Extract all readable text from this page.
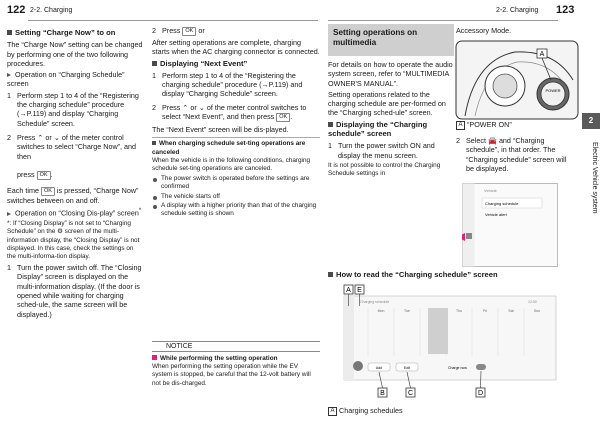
122 2-2. Charging	2-2. Charging 123
Setting “Charge Now” to on

The “Charge Now” setting can be changed by performing one of the two following procedures.

Operation on “Charging Schedule” screen

1 Perform step 1 to 4 of the “Registering the charging schedule” procedure (→P.119) and display “Charging Schedule” screen.
2 Press ⌃ or ⌄ of the meter control switches to select “Charge Now”, and then

press OK .

Each time OK is pressed, “Charge Now” switches between on and off.

Operation on “Closing Dis-play” screen*

*: If “Closing Display” is not set to “Charging Schedule” on the ⚙ screen of the multi-information display, the “Closing Display” is not displayed. In this case, check the settings on the multi-informa-tion display.

1 Turn the power switch off. The “Closing Display” screen is displayed on the multi-information display. (If the door is opened while waiting for charging sched-ule, the same screen will be displayed.)
2 Press OK or

After setting operations are complete, charging starts when the AC charging connector is connected.

Displaying “Next Event”
1 Perform step 1 to 4 of the “Registering the charging schedule” procedure (→P.119) and display “Charging Schedule” screen.
2 Press ⌃ or ⌄ of the meter control switches to select “Next Event”, and then press OK .

The “Next Event” screen will be dis-played.

When charging schedule set-ting operations are canceled

When the vehicle is in the following conditions, charging schedule set-ting operations are canceled.

The power switch is operated before the settings are confirmed
The vehicle starts off
A display with a higher priority than that of the charging schedule setting is shown
NOTICE
While performing the setting operation

When performing the setting operation while the EV system is stopped, be careful that the 12-volt battery will not be dis-charged.

Setting operations on multimedia

For details on how to operate the audio system screen, refer to “MULTIMEDIA OWNER'S MANUAL”.

Setting operations related to the charging schedule are per-formed on the “Charging sched-ule” screen.

Displaying the “Charging schedule” screen
1 Turn the power switch ON and display the menu screen.

It is not possible to control the Charging Schedule settings in

Accessory Mode.

POWER
A

A “POWER ON”

2 Select 🚘 and “Charging schedule”, in that order. The “Charging schedule” screen will be displayed.
Vehicle
Charging schedule
Vehicle alert
2
Electric Vehicle system
How to read the “Charging schedule” screen
Charging schedule	12:00
Mon	Tue	Thu	Fri	Sat	Sun
Add	Edit	Charge now
A E
B	C	D
A Charging schedules
